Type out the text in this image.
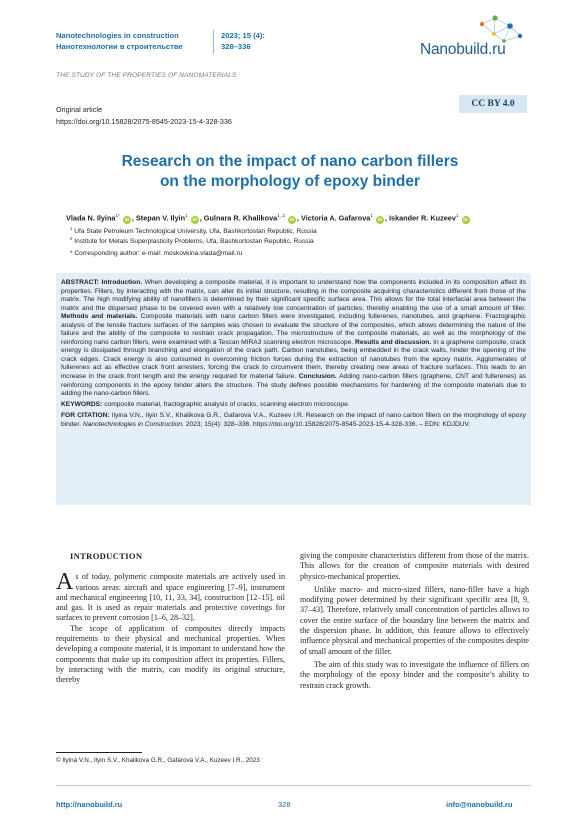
Nanotechnologies in construction
Нанотехнологии в строительстве
2023; 15 (4):
328–336	Nanobuild.ru
THE STUDY OF THE PROPERTIES OF NANOMATERIALS
CC BY 4.0
Original article
https://doi.org/10.15828/2075-8545-2023-15-4-328-336
Research on the impact of nano carbon fillers
on the morphology of epoxy binder
Vlada N. Ilyina$^{1*}$ iD , Stepan V. Ilyin$^1$ iD , Gulnara R. Khalikova$^{1, 2}$ iD , Victoria A. Gafarova$^1$ iD , Iskander R. Kuzeev$^1$ iD
$^1$ Ufa State Petroleum Technological University, Ufa, Bashkortostan Republic, Russia
$^2$ Institute for Metals Superplasticity Problems, Ufa, Bashkortostan Republic, Russia
* Corresponding author: e-mail: moskovkina.vlada@mail.ru

ABSTRACT: Introduction. When developing a composite material, it is important to understand how the components included in its composition affect its properties. Fillers, by interacting with the matrix, can alter its initial structure, resulting in the composite acquiring characteristics different from those of the matrix. The high modifying ability of nanofillers is determined by their significant specific surface area. This allows for the total interfacial area between the matrix and the dispersed phase to be covered even with a relatively low concentration of particles, thereby enabling the use of a small amount of filler. Methods and materials. Composite materials with nano carbon fillers were investigated, including fullerenes, nanotubes, and graphene. Fractographic analysis of the tensile fracture surfaces of the samples was chosen to evaluate the structure of the composites, which allows determining the nature of the failure and the ability of the composite to restrain crack propagation. The microstructure of the composite materials, as well as the morphology of the reinforcing nano carbon fillers, were examined with a Tescan MIRA3 scanning electron microscope. Results and discussion. In a graphene composite, crack energy is dissipated through branching and elongation of the crack path. Carbon nanotubes, being embedded in the crack walls, hinder the opening of the crack edges. Crack energy is also consumed in overcoming friction forces during the extraction of nanotubes from the epoxy matrix. Agglomerates of fullerenes act as effective crack front arresters, forcing the crack to circumvent them, thereby creating new areas of fracture surfaces. This leads to an increase in the crack front length and the energy required for material failure. Conclusion. Adding nano-carbon fillers (graphene, CNT and fullerenes) as reinforcing components in the epoxy binder alters the structure. The study defines possible mechanisms for hardening of the composite materials due to adding the nano-carbon fillers.

KEYWORDS: composite material, fractographic analysis of cracks, scanning electron microscope.

FOR CITATION: Ilyina V.N., Ilyin S.V., Khalikova G.R., Gafarova V.A., Kuzeev I.R. Research on the impact of nano carbon fillers on the morphology of epoxy binder. Nanotechnologies in Construction. 2023; 15(4): 328–336. https://doi.org/10.15828/2075-8545-2023-15-4-328-336. – EDN: KDJDUV.

INTRODUCTION

As of today, polymeric composite materials are actively used in various areas: aircraft and space engineering [7–9], instrument and mechanical engineering [10, 11, 33, 34], construction [12–15], oil and gas. It is used as repair materials and protective coverings for surfaces to prevent corrosion [1–6, 28–32].

The scope of application of composites directly impacts requirements to their physical and mechanical properties. When developing a composite material, it is important to understand how the components that make up its composition affect its properties. Fillers, by interacting with the matrix, can modify its original structure, thereby

giving the composite characteristics different from those of the matrix. This allows for the creation of composite materials with desired physico-mechanical properties.

Unlike macro- and micro-sized fillers, nano-filler have a high modifying power determined by their significant specific area [8, 9, 37–43]. Therefore, relatively small concentration of particles allows to cover the entire surface of the boundary line between the matrix and the dispersion phase. In addition, this feature allows to effectively influence physical and mechanical properties of the composites despite of small amount of the filler.

The aim of this study was to investigate the influence of fillers on the morphology of the epoxy binder and the composite’s ability to restrain crack growth.

© Ilyina V.N., Ilyin S.V., Khalikova G.R., Gafarova V.A., Kuzeev I.R., 2023
http://nanobuild.ru	328	info@nanobuild.ru
